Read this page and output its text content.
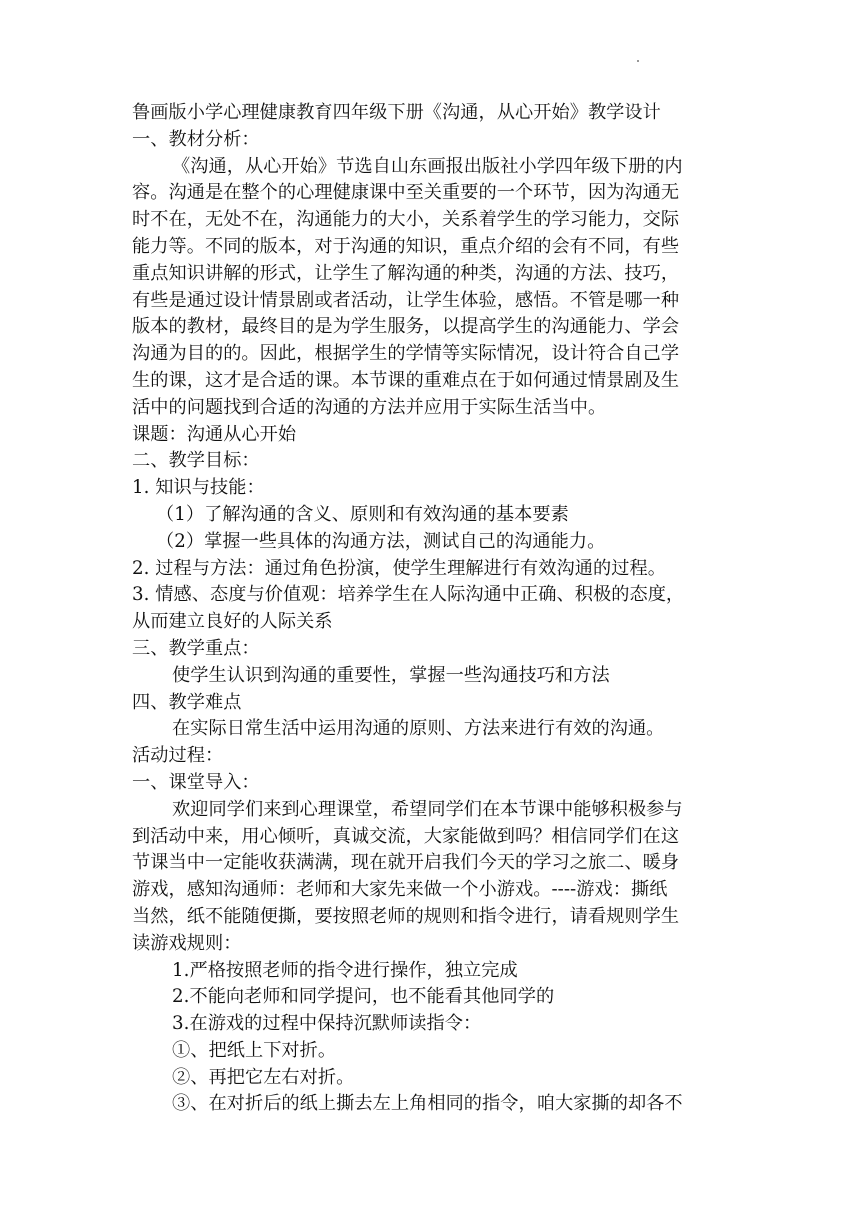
鲁画版小学心理健康教育四年级下册《沟通，从心开始》教学设计
一、教材分析：
《沟通，从心开始》节选自山东画报出版社小学四年级下册的内
容。沟通是在整个的心理健康课中至关重要的一个环节，因为沟通无
时不在，无处不在，沟通能力的大小，关系着学生的学习能力，交际
能力等。不同的版本，对于沟通的知识，重点介绍的会有不同，有些
重点知识讲解的形式，让学生了解沟通的种类，沟通的方法、技巧，
有些是通过设计情景剧或者活动，让学生体验，感悟。不管是哪一种
版本的教材，最终目的是为学生服务，以提高学生的沟通能力、学会
沟通为目的的。因此，根据学生的学情等实际情况，设计符合自己学
生的课，这才是合适的课。本节课的重难点在于如何通过情景剧及生
活中的问题找到合适的沟通的方法并应用于实际生活当中。
课题：沟通从心开始
二、教学目标：
1. 知识与技能：
（1）了解沟通的含义、原则和有效沟通的基本要素
（2）掌握一些具体的沟通方法，测试自己的沟通能力。
2. 过程与方法：通过角色扮演，使学生理解进行有效沟通的过程。
3. 情感、态度与价值观：培养学生在人际沟通中正确、积极的态度，
从而建立良好的人际关系
三、教学重点：
使学生认识到沟通的重要性，掌握一些沟通技巧和方法
四、教学难点
在实际日常生活中运用沟通的原则、方法来进行有效的沟通。
活动过程：
一、课堂导入：
欢迎同学们来到心理课堂，希望同学们在本节课中能够积极参与
到活动中来，用心倾听，真诚交流，大家能做到吗？相信同学们在这
节课当中一定能收获满满，现在就开启我们今天的学习之旅二、暖身
游戏，感知沟通师：老师和大家先来做一个小游戏。----游戏：撕纸
当然，纸不能随便撕，要按照老师的规则和指令进行，请看规则学生
读游戏规则：
1.严格按照老师的指令进行操作，独立完成
2.不能向老师和同学提问，也不能看其他同学的
3.在游戏的过程中保持沉默师读指令：
①、把纸上下对折。
②、再把它左右对折。
③、在对折后的纸上撕去左上角相同的指令，咱大家撕的却各不
